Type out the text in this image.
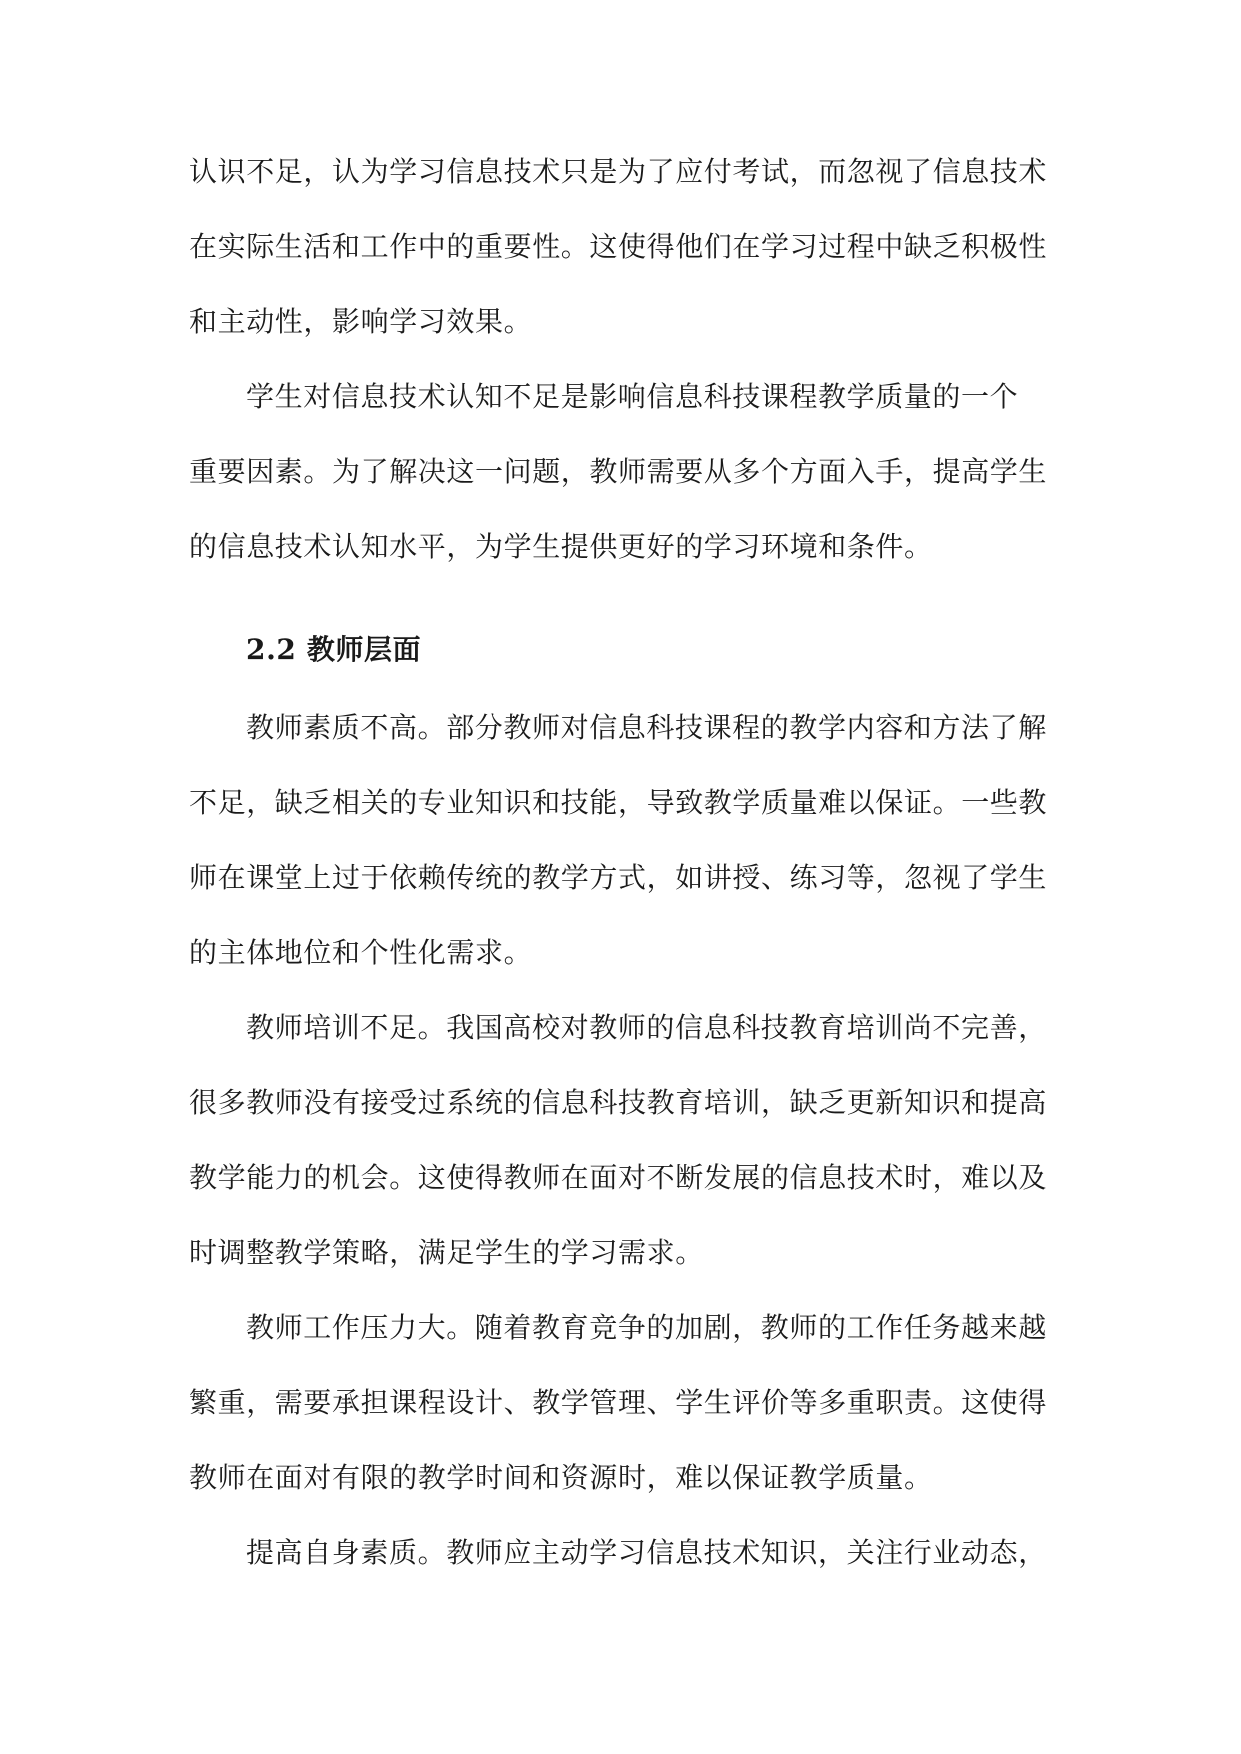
认识不足，认为学习信息技术只是为了应付考试，而忽视了信息技术
在实际生活和工作中的重要性。这使得他们在学习过程中缺乏积极性
和主动性，影响学习效果。
学生对信息技术认知不足是影响信息科技课程教学质量的一个
重要因素。为了解决这一问题，教师需要从多个方面入手，提高学生
的信息技术认知水平，为学生提供更好的学习环境和条件。
2.2 教师层面
教师素质不高。部分教师对信息科技课程的教学内容和方法了解
不足，缺乏相关的专业知识和技能，导致教学质量难以保证。一些教
师在课堂上过于依赖传统的教学方式，如讲授、练习等，忽视了学生
的主体地位和个性化需求。
教师培训不足。我国高校对教师的信息科技教育培训尚不完善，
很多教师没有接受过系统的信息科技教育培训，缺乏更新知识和提高
教学能力的机会。这使得教师在面对不断发展的信息技术时，难以及
时调整教学策略，满足学生的学习需求。
教师工作压力大。随着教育竞争的加剧，教师的工作任务越来越
繁重，需要承担课程设计、教学管理、学生评价等多重职责。这使得
教师在面对有限的教学时间和资源时，难以保证教学质量。
提高自身素质。教师应主动学习信息技术知识，关注行业动态，
